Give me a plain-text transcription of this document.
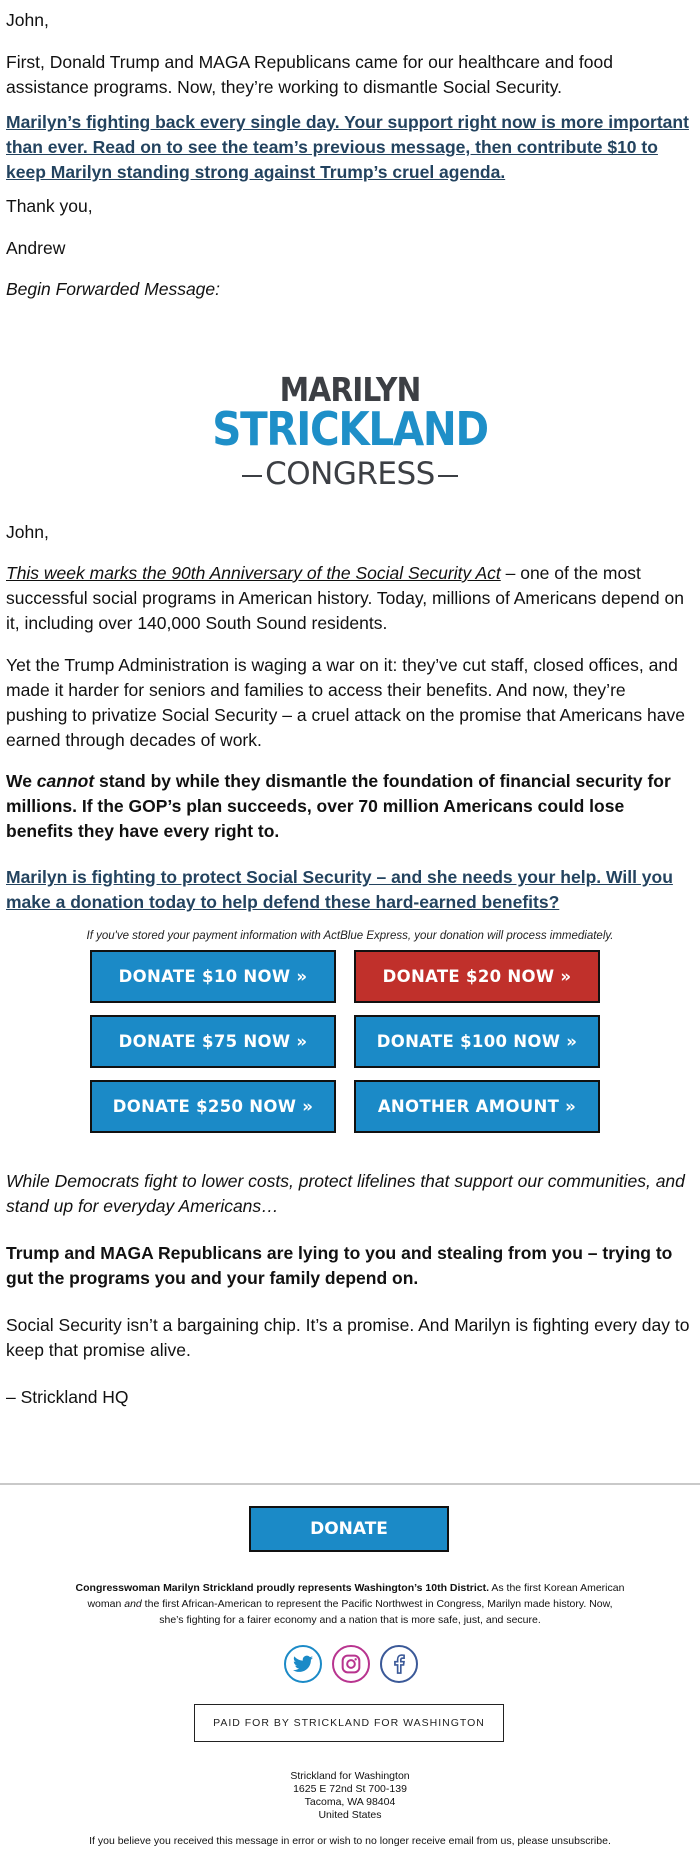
John,

First, Donald Trump and MAGA Republicans came for our healthcare and food assistance programs. Now, they’re working to dismantle Social Security.

Marilyn’s fighting back every single day. Your support right now is more important than ever. Read on to see the team’s previous message, then contribute $10 to keep Marilyn standing strong against Trump’s cruel agenda.

Thank you,

Andrew

Begin Forwarded Message:

MARILYN
STRICKLAND
CONGRESS

John,

This week marks the 90th Anniversary of the Social Security Act – one of the most successful social programs in American history. Today, millions of Americans depend on it, including over 140,000 South Sound residents.

Yet the Trump Administration is waging a war on it: they’ve cut staff, closed offices, and made it harder for seniors and families to access their benefits. And now, they’re pushing to privatize Social Security – a cruel attack on the promise that Americans have earned through decades of work.

We cannot stand by while they dismantle the foundation of financial security for millions. If the GOP’s plan succeeds, over 70 million Americans could lose benefits they have every right to.

Marilyn is fighting to protect Social Security – and she needs your help. Will you make a donation today to help defend these hard-earned benefits?

If you've stored your payment information with ActBlue Express, your donation will process immediately.
DONATE $10 NOW »	DONATE $20 NOW »
DONATE $75 NOW »	DONATE $100 NOW »
DONATE $250 NOW »	ANOTHER AMOUNT »

While Democrats fight to lower costs, protect lifelines that support our communities, and stand up for everyday Americans…

Trump and MAGA Republicans are lying to you and stealing from you – trying to gut the programs you and your family depend on.

Social Security isn’t a bargaining chip. It’s a promise. And Marilyn is fighting every day to keep that promise alive.

– Strickland HQ

DONATE

Congresswoman Marilyn Strickland proudly represents Washington’s 10th District. As the first Korean American woman and the first African-American to represent the Pacific Northwest in Congress, Marilyn made history. Now, she’s fighting for a fairer economy and a nation that is more safe, just, and secure.

PAID FOR BY STRICKLAND FOR WASHINGTON
Strickland for Washington
1625 E 72nd St 700-139
Tacoma, WA 98404
United States
If you believe you received this message in error or wish to no longer receive email from us, please unsubscribe.
